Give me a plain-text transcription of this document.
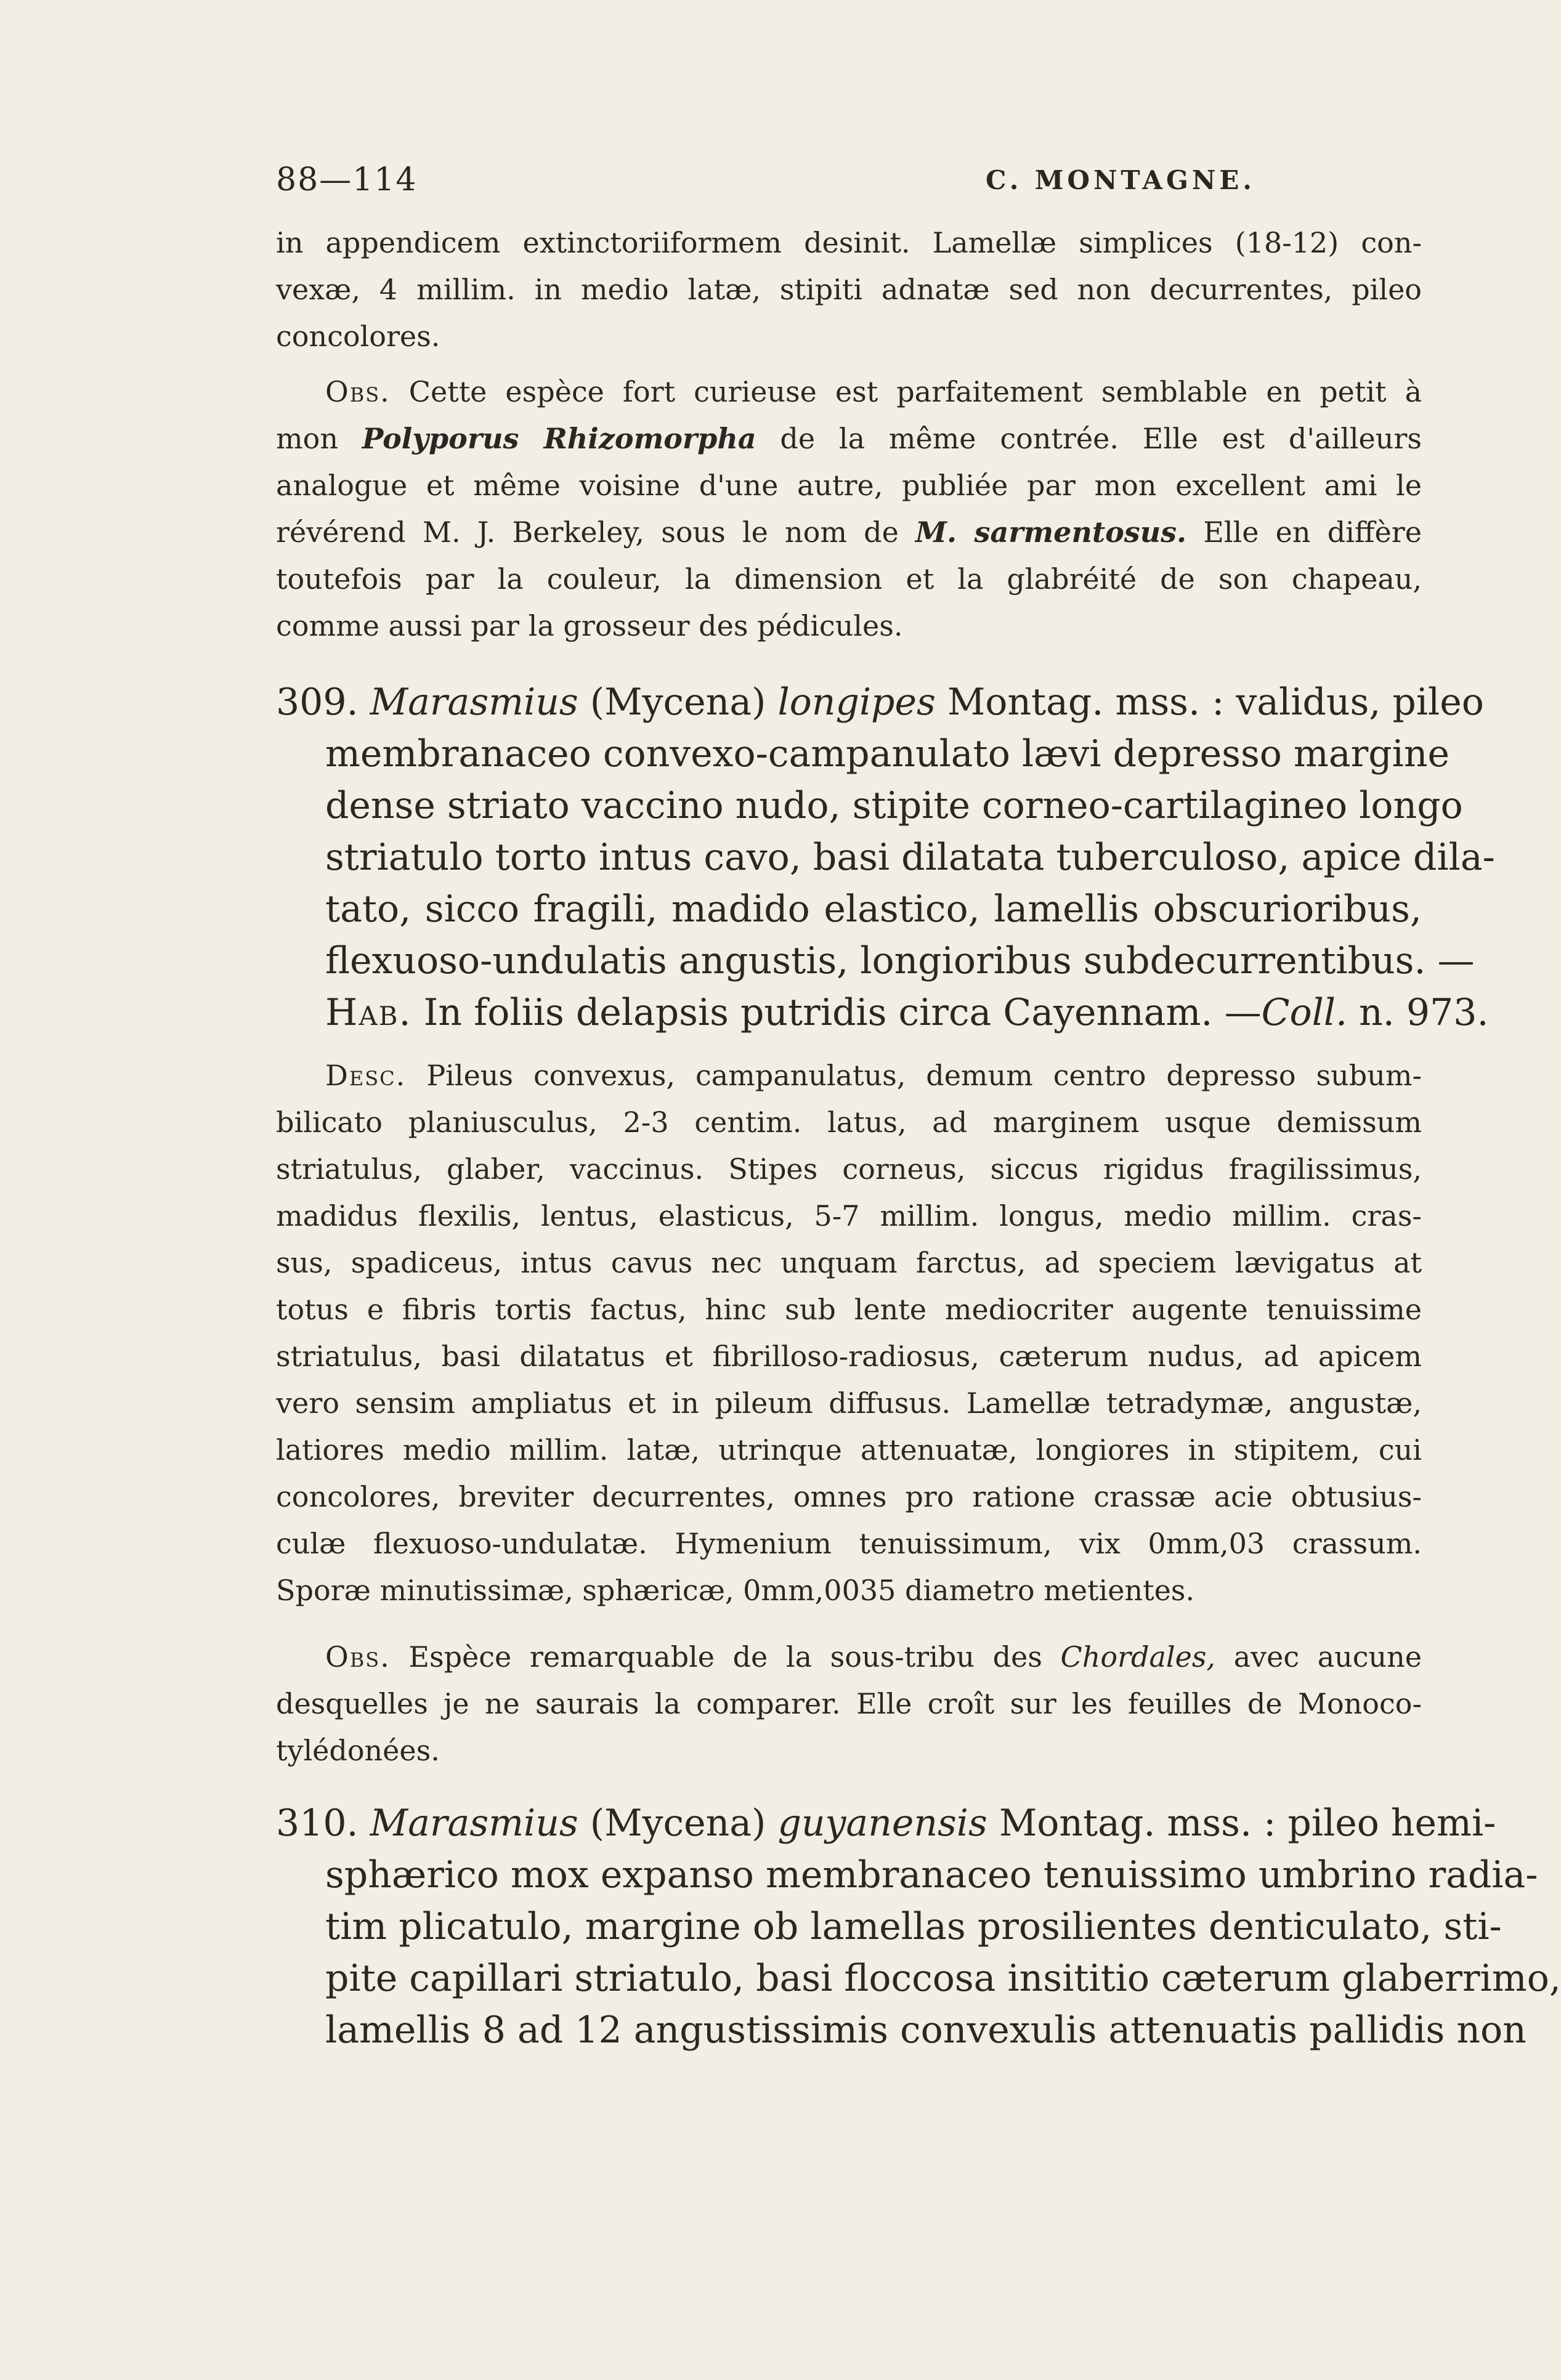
88—114	C. MONTAGNE.
in appendicem extinctoriiformem desinit. Lamellæ simplices (18-12) con-
vexæ, 4 millim. in medio latæ, stipiti adnatæ sed non decurrentes, pileo
concolores.
Obs. Cette espèce fort curieuse est parfaitement semblable en petit à
mon Polyporus Rhizomorpha de la même contrée. Elle est d'ailleurs
analogue et même voisine d'une autre, publiée par mon excellent ami le
révérend M. J. Berkeley, sous le nom de M. sarmentosus. Elle en diffère
toutefois par la couleur, la dimension et la glabréité de son chapeau,
comme aussi par la grosseur des pédicules.
309. Marasmius (Mycena) longipes Montag. mss. : validus, pileo
membranaceo convexo-campanulato lævi depresso margine
dense striato vaccino nudo, stipite corneo-cartilagineo longo
striatulo torto intus cavo, basi dilatata tuberculoso, apice dila-
tato, sicco fragili, madido elastico, lamellis obscurioribus,
flexuoso-undulatis angustis, longioribus subdecurrentibus. —
Hab. In foliis delapsis putridis circa Cayennam. —Coll. n. 973.
Desc. Pileus convexus, campanulatus, demum centro depresso subum-
bilicato planiusculus, 2-3 centim. latus, ad marginem usque demissum
striatulus, glaber, vaccinus. Stipes corneus, siccus rigidus fragilissimus,
madidus flexilis, lentus, elasticus, 5-7 millim. longus, medio millim. cras-
sus, spadiceus, intus cavus nec unquam farctus, ad speciem lævigatus at
totus e fibris tortis factus, hinc sub lente mediocriter augente tenuissime
striatulus, basi dilatatus et fibrilloso-radiosus, cæterum nudus, ad apicem
vero sensim ampliatus et in pileum diffusus. Lamellæ tetradymæ, angustæ,
latiores medio millim. latæ, utrinque attenuatæ, longiores in stipitem, cui
concolores, breviter decurrentes, omnes pro ratione crassæ acie obtusius-
culæ flexuoso-undulatæ. Hymenium tenuissimum, vix 0mm,03 crassum.
Sporæ minutissimæ, sphæricæ, 0mm,0035 diametro metientes.
Obs. Espèce remarquable de la sous-tribu des Chordales, avec aucune
desquelles je ne saurais la comparer. Elle croît sur les feuilles de Monoco-
tylédonées.
310. Marasmius (Mycena) guyanensis Montag. mss. : pileo hemi-
sphærico mox expanso membranaceo tenuissimo umbrino radia-
tim plicatulo, margine ob lamellas prosilientes denticulato, sti-
pite capillari striatulo, basi floccosa insititio cæterum glaberrimo,
lamellis 8 ad 12 angustissimis convexulis attenuatis pallidis non
